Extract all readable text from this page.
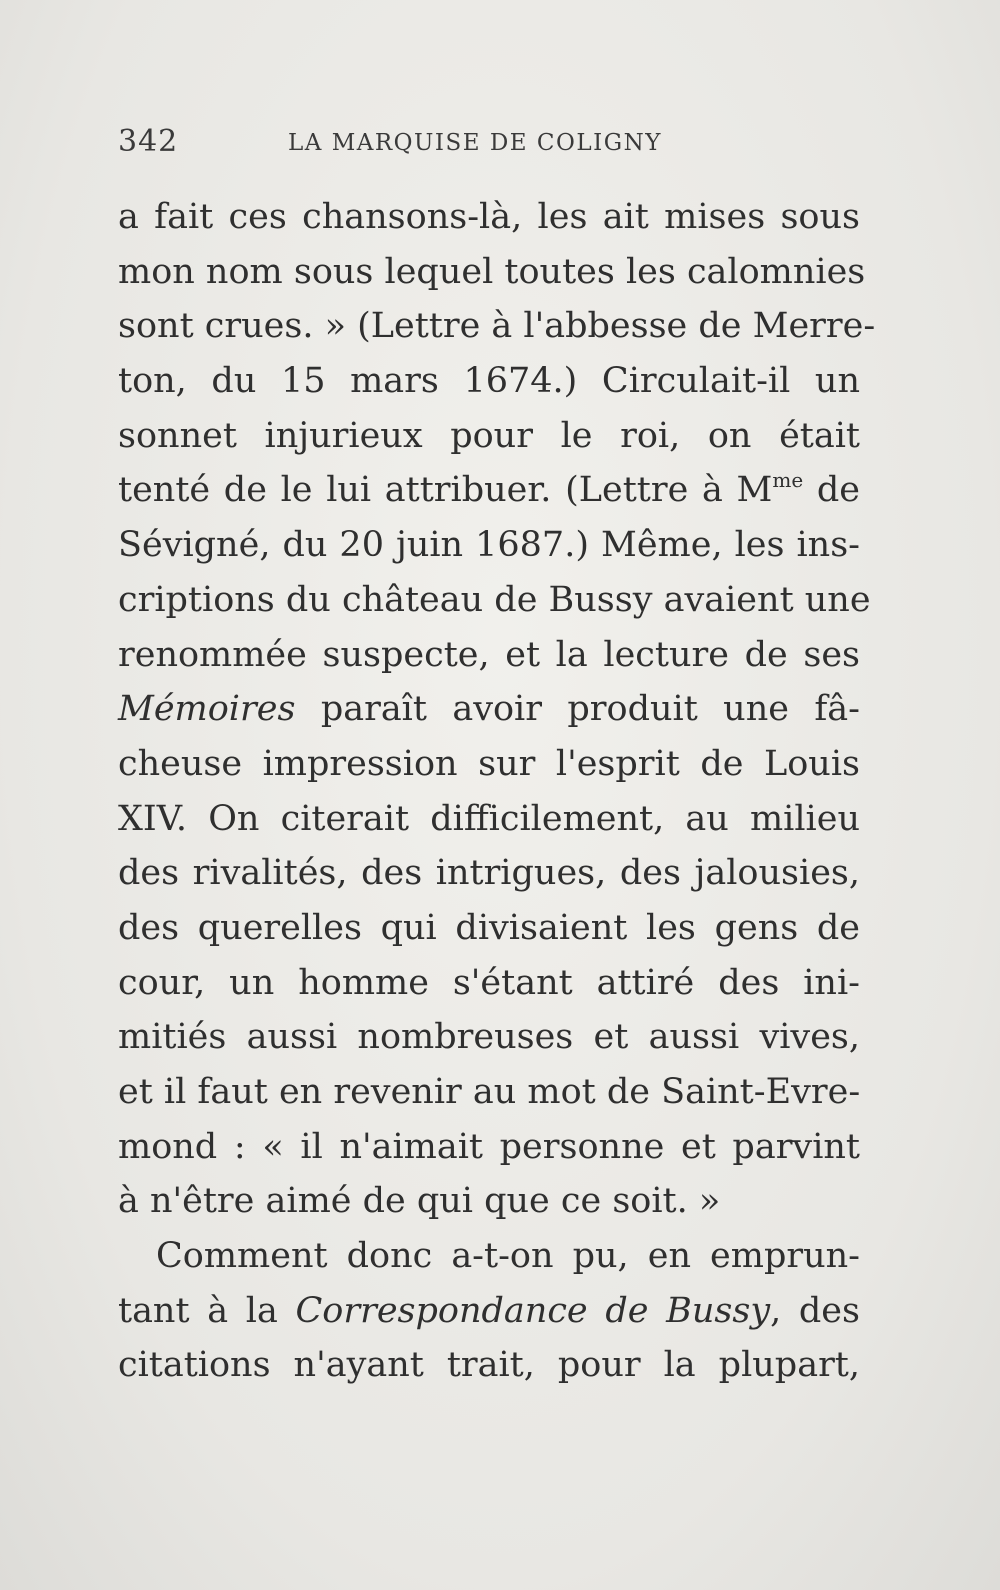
342	LA MARQUISE DE COLIGNY
a fait ces chansons-là, les ait mises sous
mon nom sous lequel toutes les calomnies
sont crues. » (Lettre à l'abbesse de Merre-
ton, du 15 mars 1674.) Circulait-il un
sonnet injurieux pour le roi, on était
tenté de le lui attribuer. (Lettre à $M^{me}$ de
Sévigné, du 20 juin 1687.) Même, les ins-
criptions du château de Bussy avaient une
renommée suspecte, et la lecture de ses
Mémoires paraît avoir produit une fâ-
cheuse impression sur l'esprit de Louis
XIV. On citerait difficilement, au milieu
des rivalités, des intrigues, des jalousies,
des querelles qui divisaient les gens de
cour, un homme s'étant attiré des ini-
mitiés aussi nombreuses et aussi vives,
et il faut en revenir au mot de Saint-Evre-
mond : « il n'aimait personne et parvint
à n'être aimé de qui que ce soit. »
Comment donc a-t-on pu, en emprun-
tant à la Correspondance de Bussy, des
citations n'ayant trait, pour la plupart,
